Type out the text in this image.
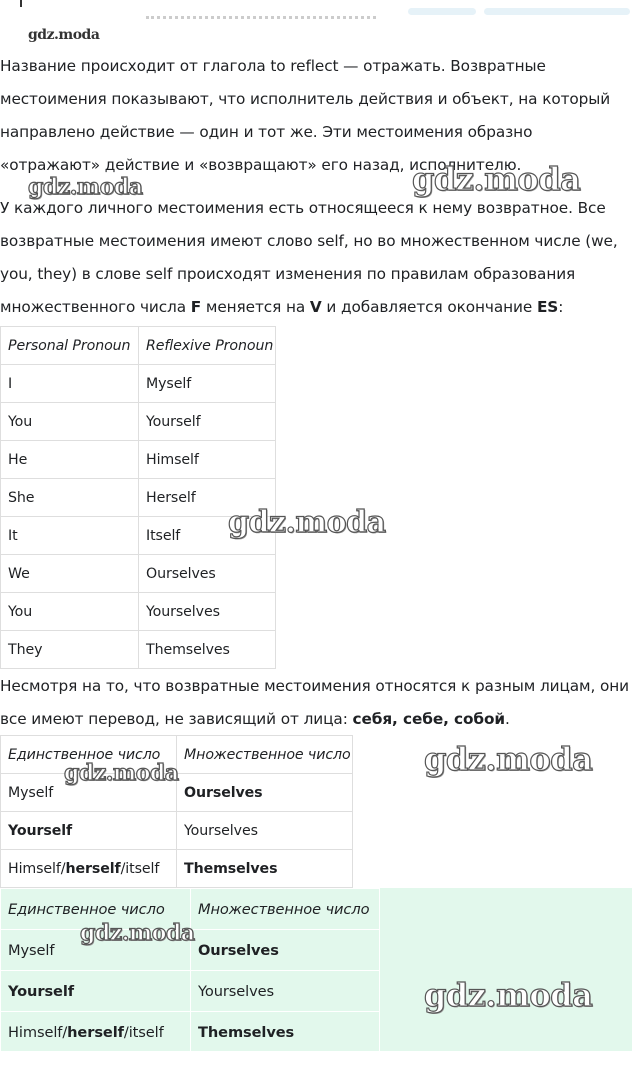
Название происходит от глагола to reflect — отражать. Возвратные местоимения показывают, что исполнитель действия и объект, на который направлено действие — один и тот же. Эти местоимения образно «отражают» действие и «возвращают» его назад, исполнителю.

У каждого личного местоимения есть относящееся к нему возвратное. Все возвратные местоимения имеют слово self, но во множественном числе (we, you, they) в слове self происходят изменения по правилам образования множественного числа F меняется на V и добавляется окончание ES:

Personal Pronoun	Reflexive Pronoun
I	Myself
You	Yourself
He	Himself
She	Herself
It	Itself
We	Ourselves
You	Yourselves
They	Themselves

Несмотря на то, что возвратные местоимения относятся к разным лицам, они все имеют перевод, не зависящий от лица: себя, себе, собой.

Единственное число	Множественное число
Myself	Ourselves
Yourself	Yourselves
Himself/herself/itself	Themselves
Единственное число	Множественное число
Myself	Ourselves
Yourself	Yourselves
Himself/herself/itself	Themselves
gdz.moda
gdz.moda	gdz.moda
gdz.moda
gdz.moda	gdz.moda
gdz.moda
gdz.moda
